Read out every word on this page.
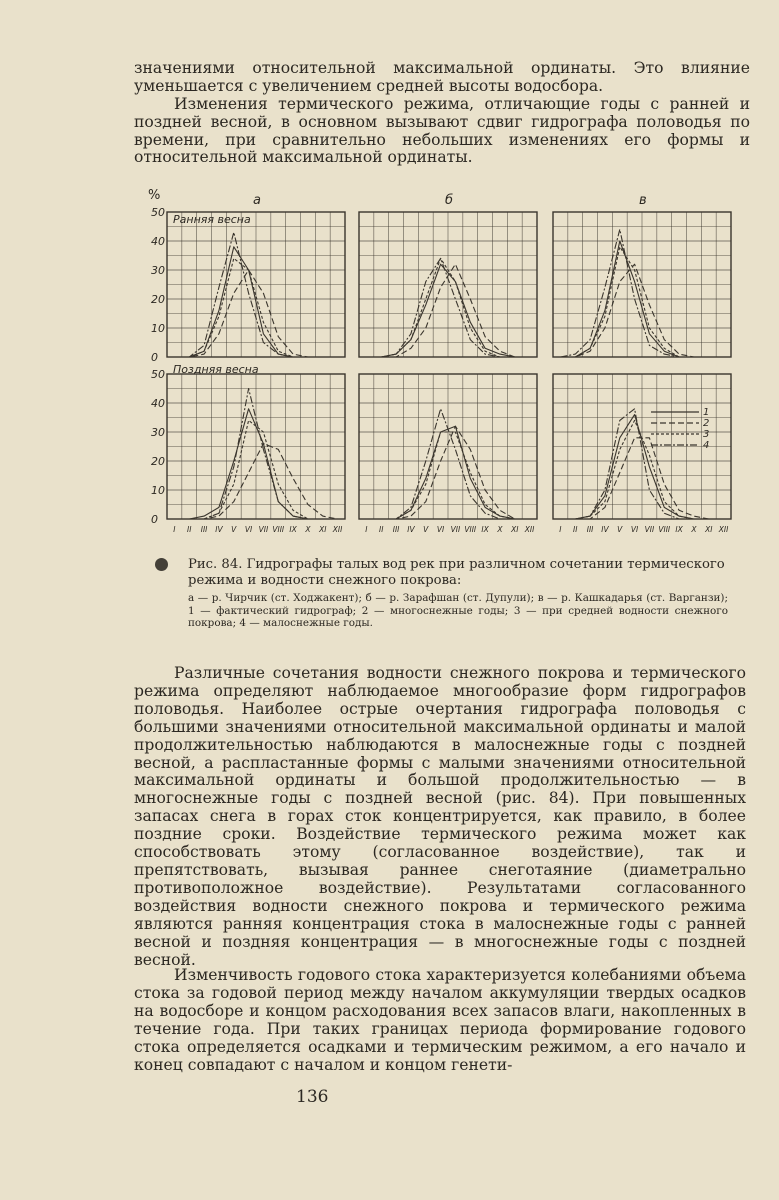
значениями относительной максимальной ординаты. Это влияние уменьшается с увеличением средней высоты водосбора.

Изменения термического режима, отличающие годы с ранней и поздней весной, в основном вызывают сдвиг гидрографа половодья по времени, при сравнительно небольших изменениях его формы и относительной максимальной ординаты.

%	а	б	в
0
10
20
30
40
50
0
10
20
30
40
50
I II III IV V VI VII VIII IX X XI XII	I II III IV V VI VII VIII IX X XI XII	I II III IV V VI VII VIII IX X XI XII
Ранняя весна
Поздняя весна
1
2
3
4

Рис. 84. Гидрографы талых вод рек при различном сочетании термического режима и водности снежного покрова:

а — р. Чирчик (ст. Ходжакент); б — р. Зарафшан (ст. Дупули); в — р. Кашкадарья (ст. Варганзи); 1 — фактический гидрограф; 2 — многоснежные годы; 3 — при средней водности снежного покрова; 4 — малоснежные годы.

Различные сочетания водности снежного покрова и термического режима определяют наблюдаемое многообразие форм гидрографов половодья. Наиболее острые очертания гидрографа половодья с большими значениями относительной максимальной ординаты и малой продолжительностью наблюдаются в малоснежные годы с поздней весной, а распластанные формы с малыми значениями относительной максимальной ординаты и большой продолжительностью — в многоснежные годы с поздней весной (рис. 84). При повышенных запасах снега в горах сток концентрируется, как правило, в более поздние сроки. Воздействие термического режима может как способствовать этому (согласованное воздействие), так и препятствовать, вызывая раннее снеготаяние (диаметрально противоположное воздействие). Результатами согласованного воздействия водности снежного покрова и термического режима являются ранняя концентрация стока в малоснежные годы с ранней весной и поздняя концентрация — в многоснежные годы с поздней весной.

Изменчивость годового стока характеризуется колебаниями объема стока за годовой период между началом аккумуляции твердых осадков на водосборе и концом расходования всех запасов влаги, накопленных в течение года. При таких границах периода формирование годового стока определяется осадками и термическим режимом, а его начало и конец совпадают с началом и концом генети-

136
